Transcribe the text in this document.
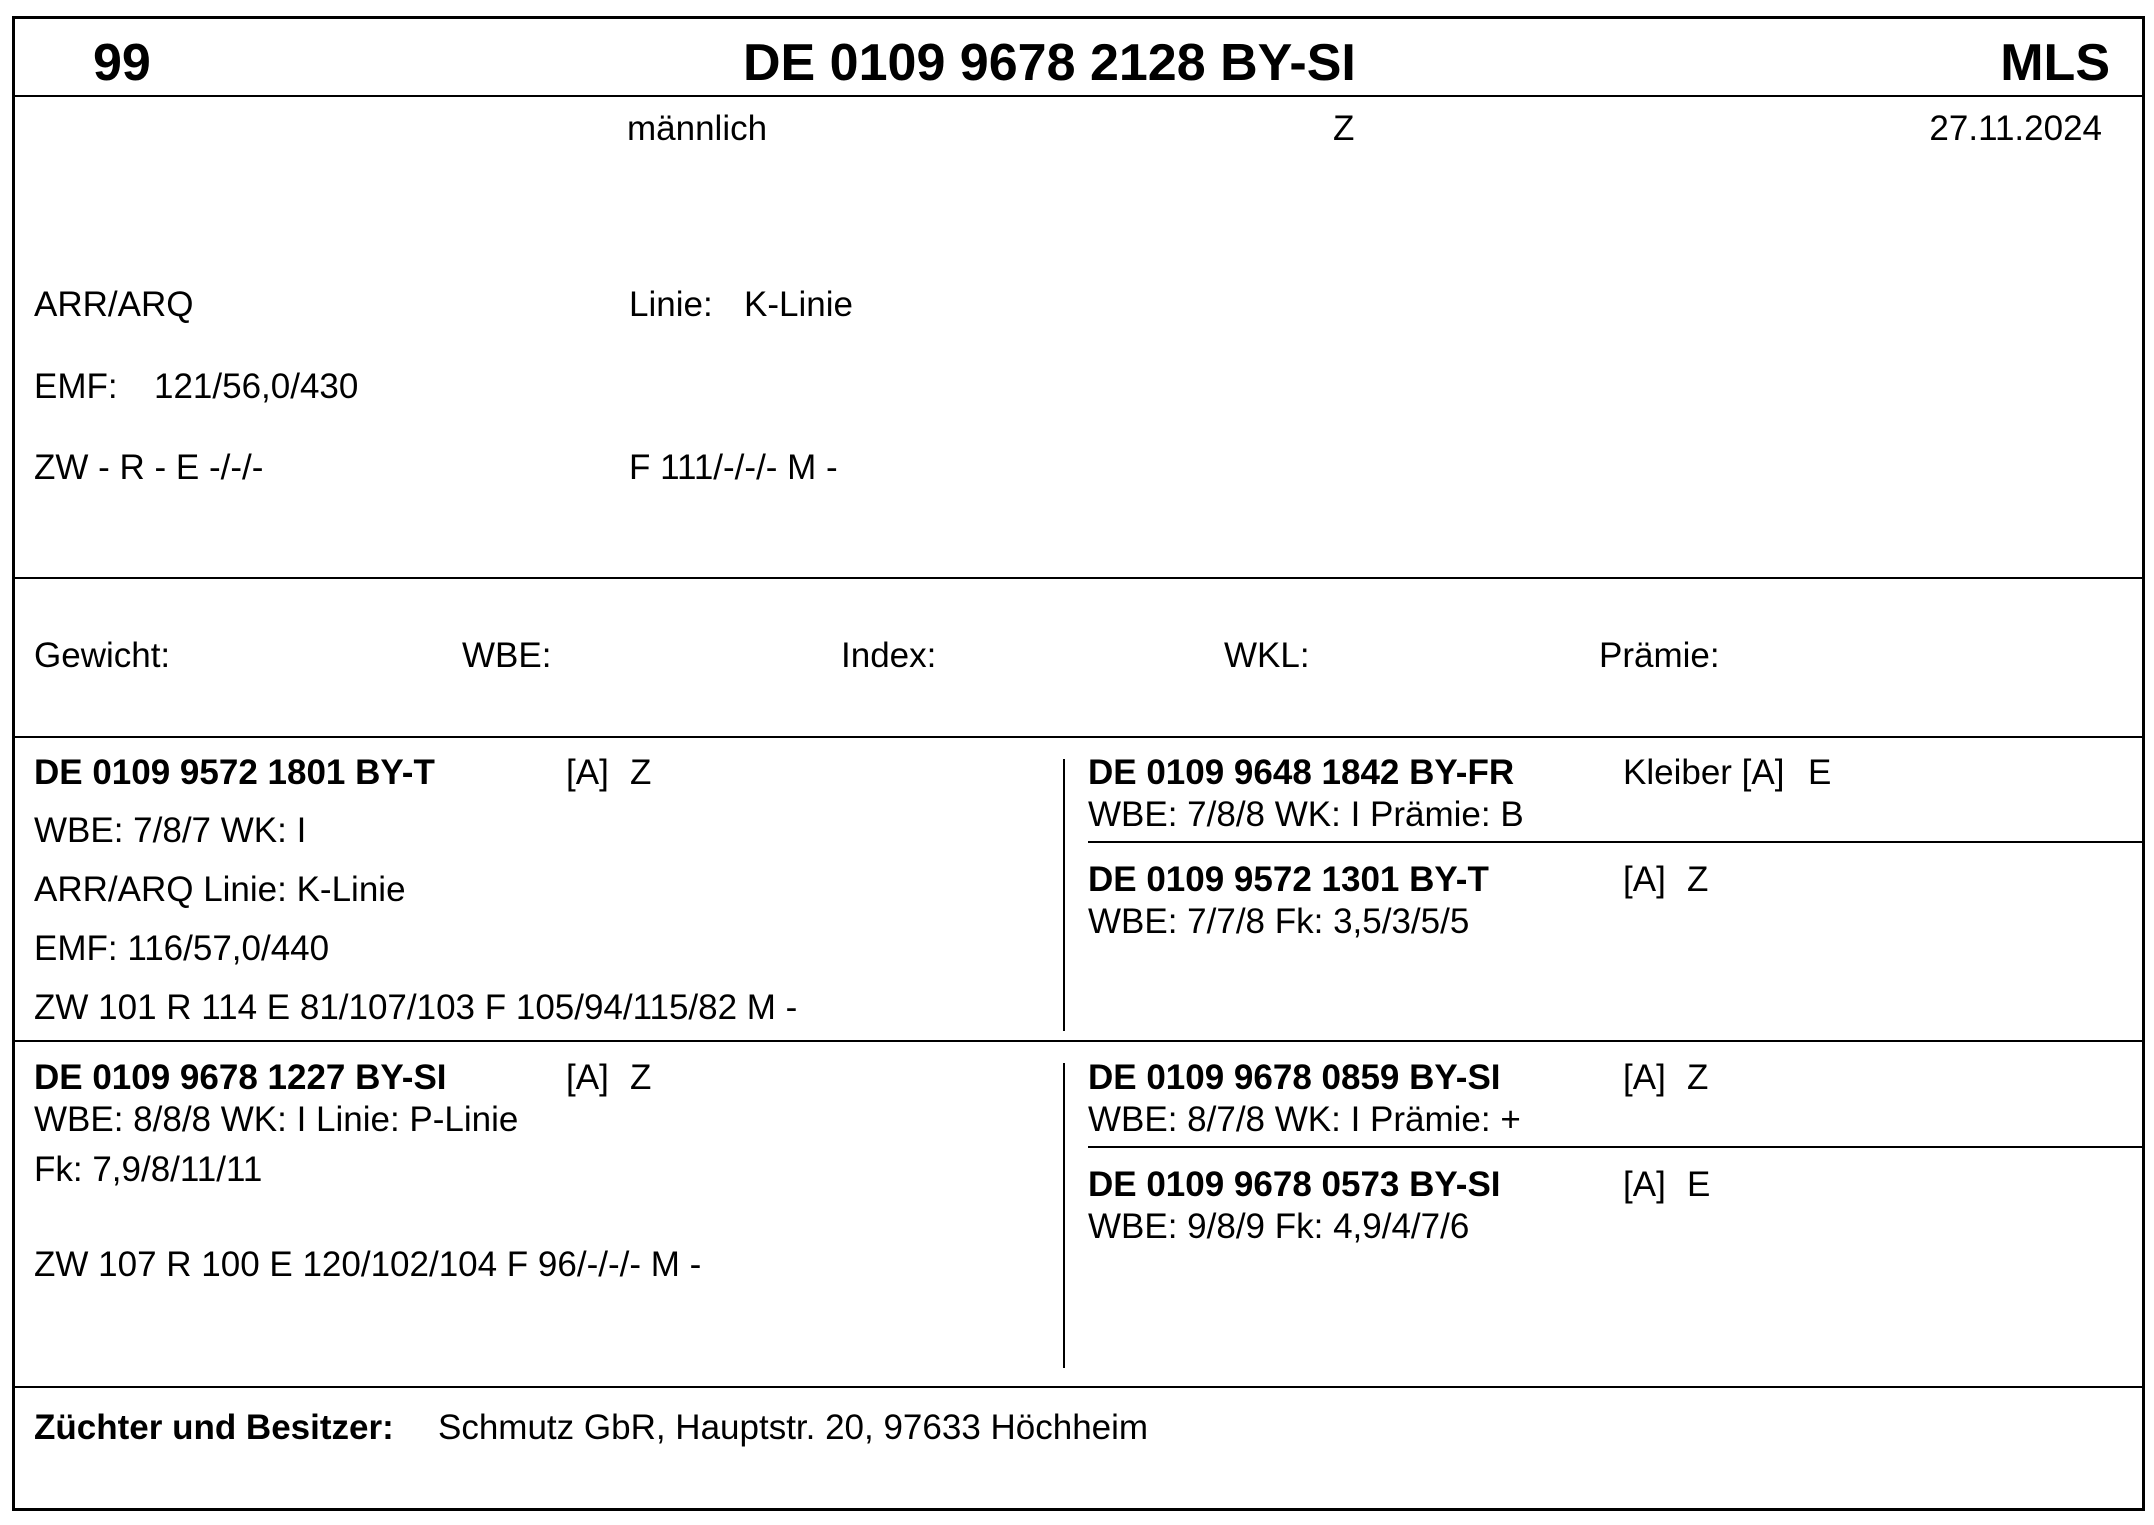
99	DE 0109 9678 2128 BY-SI	MLS
männlich	Z	27.11.2024
ARR/ARQ	Linie: K-Linie
EMF: 121/56,0/430
ZW - R - E -/-/-	F 111/-/-/- M -
Gewicht:	WBE:	Index:	WKL:	Prämie:
DE 0109 9572 1801 BY-T	[A] Z
WBE: 7/8/7 WK: I
ARR/ARQ Linie: K-Linie
EMF: 116/57,0/440
ZW 101 R 114 E 81/107/103 F 105/94/115/82 M -
DE 0109 9648 1842 BY-FR	Kleiber [A] E
WBE: 7/8/8 WK: I Prämie: B
DE 0109 9572 1301 BY-T	[A] Z
WBE: 7/7/8 Fk: 3,5/3/5/5
DE 0109 9678 1227 BY-SI	[A] Z
WBE: 8/8/8 WK: I Linie: P-Linie
Fk: 7,9/8/11/11
ZW 107 R 100 E 120/102/104 F 96/-/-/- M -
DE 0109 9678 0859 BY-SI	[A] Z
WBE: 8/7/8 WK: I Prämie: +
DE 0109 9678 0573 BY-SI	[A] E
WBE: 9/8/9 Fk: 4,9/4/7/6
Züchter und Besitzer: Schmutz GbR, Hauptstr. 20, 97633 Höchheim
